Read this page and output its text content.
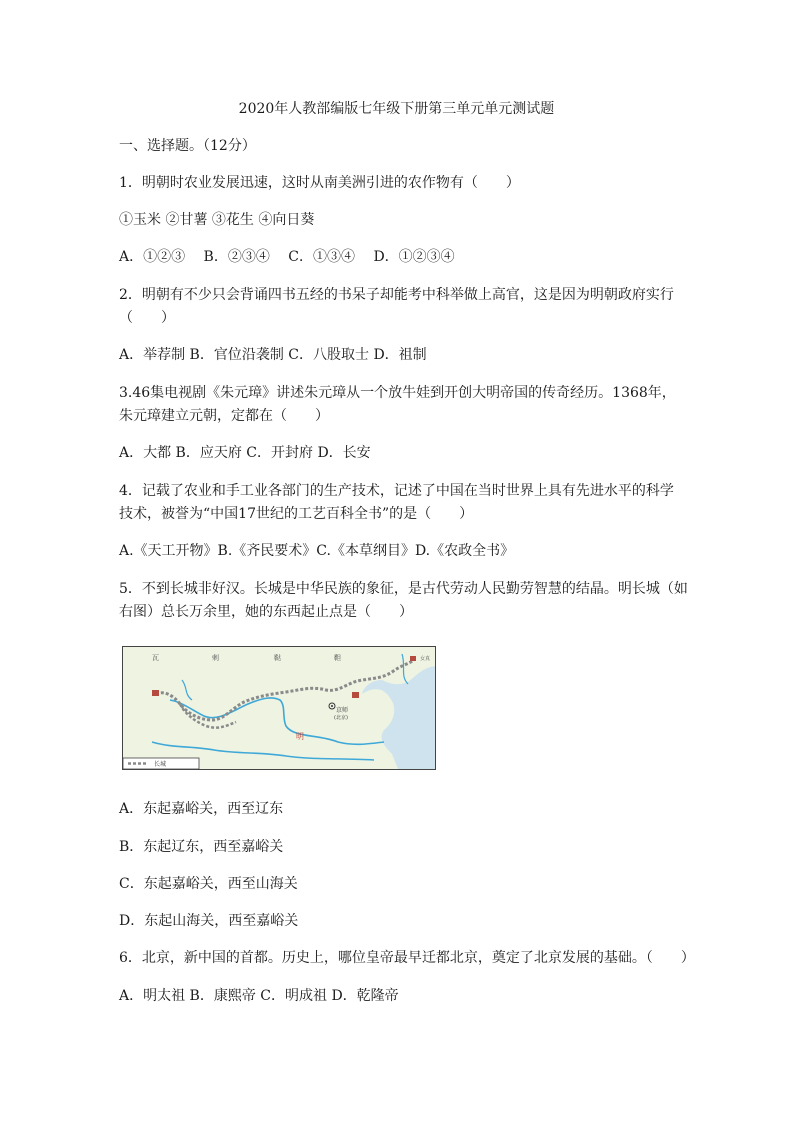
2020年人教部编版七年级下册第三单元单元测试题
一、选择题。（12分）
1．明朝时农业发展迅速，这时从南美洲引进的农作物有（　　）
①玉米 ②甘薯 ③花生 ④向日葵
A．①②③　 B．②③④　 C．①③④　 D．①②③④
2．明朝有不少只会背诵四书五经的书呆子却能考中科举做上高官，这是因为明朝政府实行
（　　）
A．举荐制 B．官位沿袭制 C．八股取士 D．祖制
3.46集电视剧《朱元璋》讲述朱元璋从一个放牛娃到开创大明帝国的传奇经历。1368年，
朱元璋建立元朝，定都在（　　）
A．大都 B．应天府 C．开封府 D．长安
4．记载了农业和手工业各部门的生产技术，记述了中国在当时世界上具有先进水平的科学
技术，被誉为“中国17世纪的工艺百科全书”的是（　　）
A.《天工开物》B.《齐民要术》C.《本草纲目》D.《农政全书》
5．不到长城非好汉。长城是中华民族的象征，是古代劳动人民勤劳智慧的结晶。明长城（如
右图）总长万余里，她的东西起止点是（　　）
京师
(北京)
瓦	剌	鞑	靼	女真
明
长城
A．东起嘉峪关，西至辽东
B．东起辽东，西至嘉峪关
C．东起嘉峪关，西至山海关
D．东起山海关，西至嘉峪关
6．北京，新中国的首都。历史上，哪位皇帝最早迁都北京，奠定了北京发展的基础。（　　）
A．明太祖 B．康熙帝 C．明成祖 D．乾隆帝
